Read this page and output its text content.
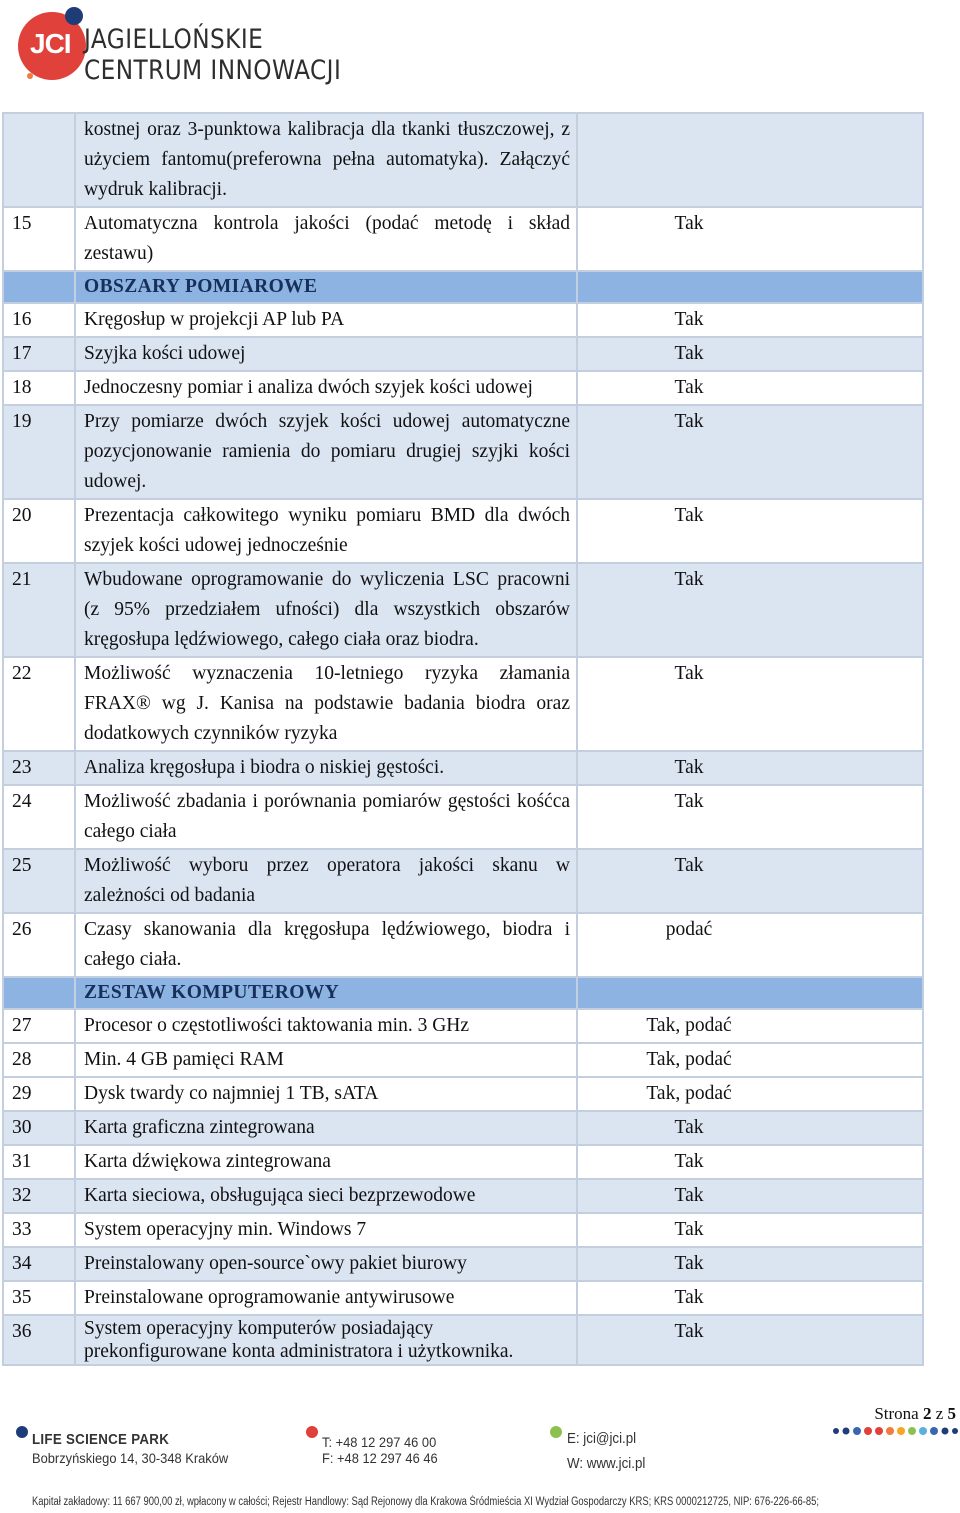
JCI JAGIELLOŃSKIE
CENTRUM INNOWACJI
	kostnej oraz 3-punktowa kalibracja dla tkanki tłuszczowej, z użyciem fantomu(preferowna pełna automatyka). Załączyć wydruk kalibracji.	
15	Automatyczna kontrola jakości (podać metodę i skład zestawu)	Tak
	OBSZARY POMIAROWE	
16	Kręgosłup w projekcji AP lub PA	Tak
17	Szyjka kości udowej	Tak
18	Jednoczesny pomiar i analiza dwóch szyjek kości udowej	Tak
19	Przy pomiarze dwóch szyjek kości udowej automatyczne pozycjonowanie ramienia do pomiaru drugiej szyjki kości udowej.	Tak
20	Prezentacja całkowitego wyniku pomiaru BMD dla dwóch szyjek kości udowej jednocześnie	Tak
21	Wbudowane oprogramowanie do wyliczenia LSC pracowni (z 95% przedziałem ufności) dla wszystkich obszarów kręgosłupa lędźwiowego, całego ciała oraz biodra.	Tak
22	Możliwość wyznaczenia 10-letniego ryzyka złamania FRAX® wg J. Kanisa na podstawie badania biodra oraz dodatkowych czynników ryzyka	Tak
23	Analiza kręgosłupa i biodra o niskiej gęstości.	Tak
24	Możliwość zbadania i porównania pomiarów gęstości kośćca całego ciała	Tak
25	Możliwość wyboru przez operatora jakości skanu w zależności od badania	Tak
26	Czasy skanowania dla kręgosłupa lędźwiowego, biodra i całego ciała.	podać
	ZESTAW KOMPUTEROWY	
27	Procesor o częstotliwości taktowania min. 3 GHz	Tak, podać
28	Min. 4 GB pamięci RAM	Tak, podać
29	Dysk twardy co najmniej 1 TB, sATA	Tak, podać
30	Karta graficzna zintegrowana	Tak
31	Karta dźwiękowa zintegrowana	Tak
32	Karta sieciowa, obsługująca sieci bezprzewodowe	Tak
33	System operacyjny min. Windows 7	Tak
34	Preinstalowany open-source`owy pakiet biurowy	Tak
35	Preinstalowane oprogramowanie antywirusowe	Tak
36	System operacyjny komputerów posiadający prekonfigurowane konta administratora i użytkownika.	Tak
Strona 2 z 5
LIFE SCIENCE PARK
Bobrzyńskiego 14, 30-348 Kraków
T: +48 12 297 46 00
F: +48 12 297 46 46
E: jci@jci.pl
W: www.jci.pl
Kapitał zakładowy: 11 667 900,00 zł, wpłacony w całości; Rejestr Handlowy: Sąd Rejonowy dla Krakowa Śródmieścia XI Wydział Gospodarczy KRS; KRS 0000212725, NIP: 676-226-66-85;
